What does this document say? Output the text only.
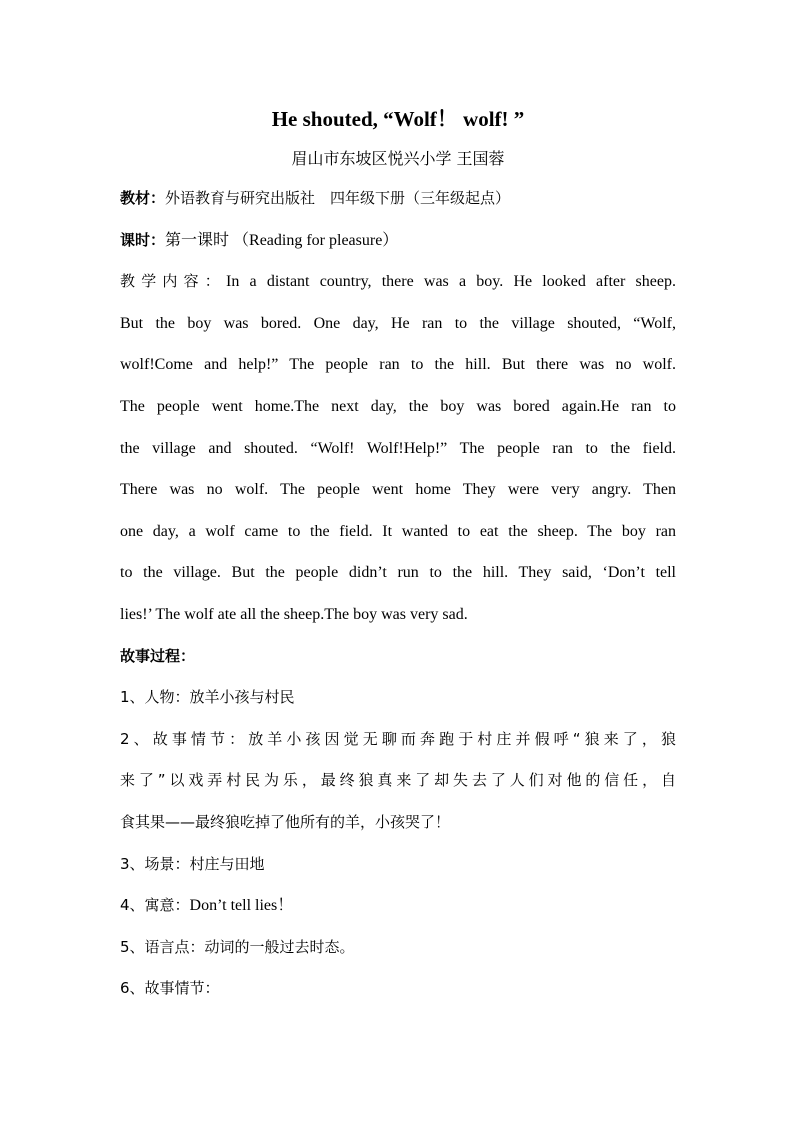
He shouted, “Wolf！ wolf! ”
眉山市东坡区悦兴小学 王国蓉
教材：外语教育与研究出版社　四年级下册（三年级起点）
课时：第一课时 （Reading for pleasure）
教学内容：In a distant country, there was a boy. He looked after sheep.
But the boy was bored. One day, He ran to the village shouted, “Wolf,
wolf!Come and help!” The people ran to the hill. But there was no wolf.
The people went home.The next day, the boy was bored again.He ran to
the village and shouted. “Wolf! Wolf!Help!” The people ran to the field.
There was no wolf. The people went home They were very angry. Then
one day, a wolf came to the field. It wanted to eat the sheep. The boy ran
to the village. But the people didn’t run to the hill. They said, ‘Don’t tell
lies!’ The wolf ate all the sheep.The boy was very sad.
故事过程：
1、人物：放羊小孩与村民
2、故事情节：放羊小孩因觉无聊而奔跑于村庄并假呼“狼来了，狼
来了”以戏弄村民为乐，最终狼真来了却失去了人们对他的信任，自
食其果——最终狼吃掉了他所有的羊，小孩哭了！
3、场景：村庄与田地
4、寓意：Don’t tell lies！
5、语言点：动词的一般过去时态。
6、故事情节：
